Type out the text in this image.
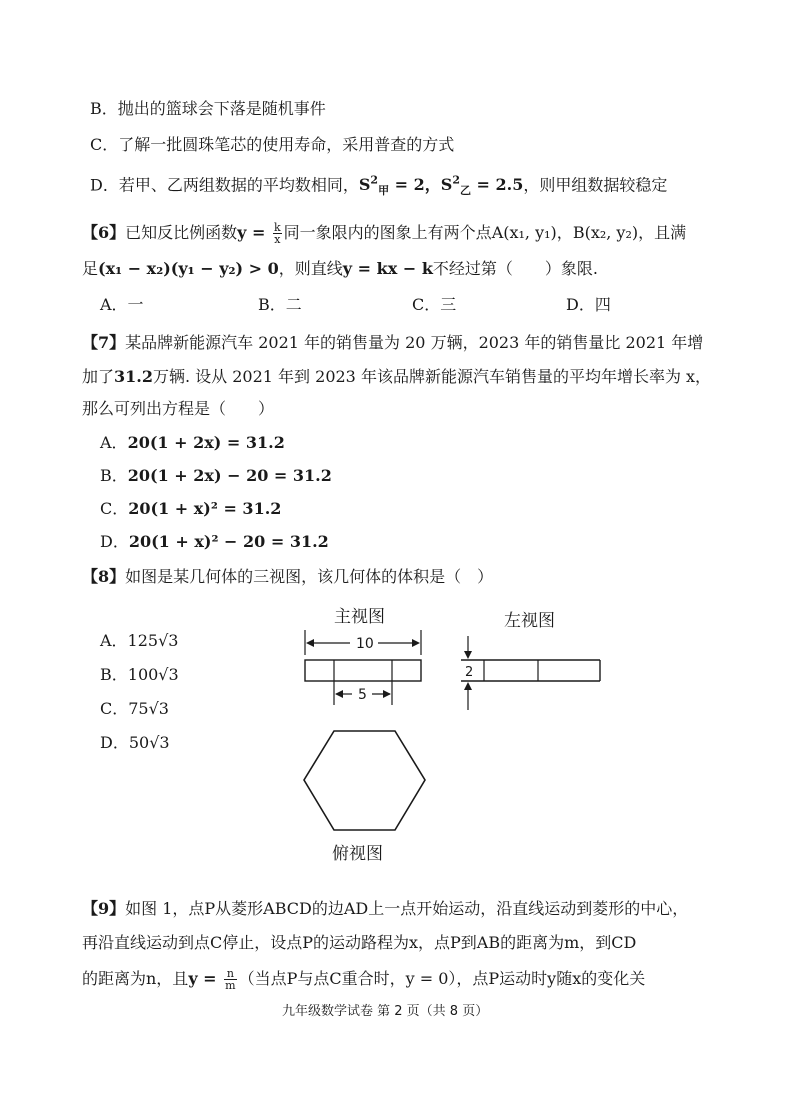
B．抛出的篮球会下落是随机事件
C．了解一批圆珠笔芯的使用寿命，采用普查的方式
D．若甲、乙两组数据的平均数相同，$S^2_甲 = 2$，$S^2_乙 = 2.5$，则甲组数据较稳定
【6】已知反比例函数$y = \frac{k}{x}$ 同一象限内的图象上有两个点A(x₁, y₁)，B(x₂, y₂)，且满
足(x₁ − x₂)(y₁ − y₂) > 0，则直线y = kx − k不经过第（　　）象限.
A．一	B．二	C．三	D．四
【7】某品牌新能源汽车 2021 年的销售量为 20 万辆，2023 年的销售量比 2021 年增
加了31.2万辆. 设从 2021 年到 2023 年该品牌新能源汽车销售量的平均年增长率为 x，
那么可列出方程是（　　）
A．20(1 + 2x) = 31.2
B．20(1 + 2x) − 20 = 31.2
C．20(1 + x)² = 31.2
D．20(1 + x)² − 20 = 31.2
【8】如图是某几何体的三视图，该几何体的体积是（　）
A．125√3
B．100√3
C．75√3
D．50√3
主视图
10
5
左视图
2
俯视图
【9】如图 1，点P从菱形ABCD的边AD上一点开始运动，沿直线运动到菱形的中心，
再沿直线运动到点C停止，设点P的运动路程为x，点P到AB的距离为m，到CD
的距离为n，且$y = \frac{n}{m}$ （当点P与点C重合时，y = 0），点P运动时y随x的变化关
九年级数学试卷 第 2 页（共 8 页）
